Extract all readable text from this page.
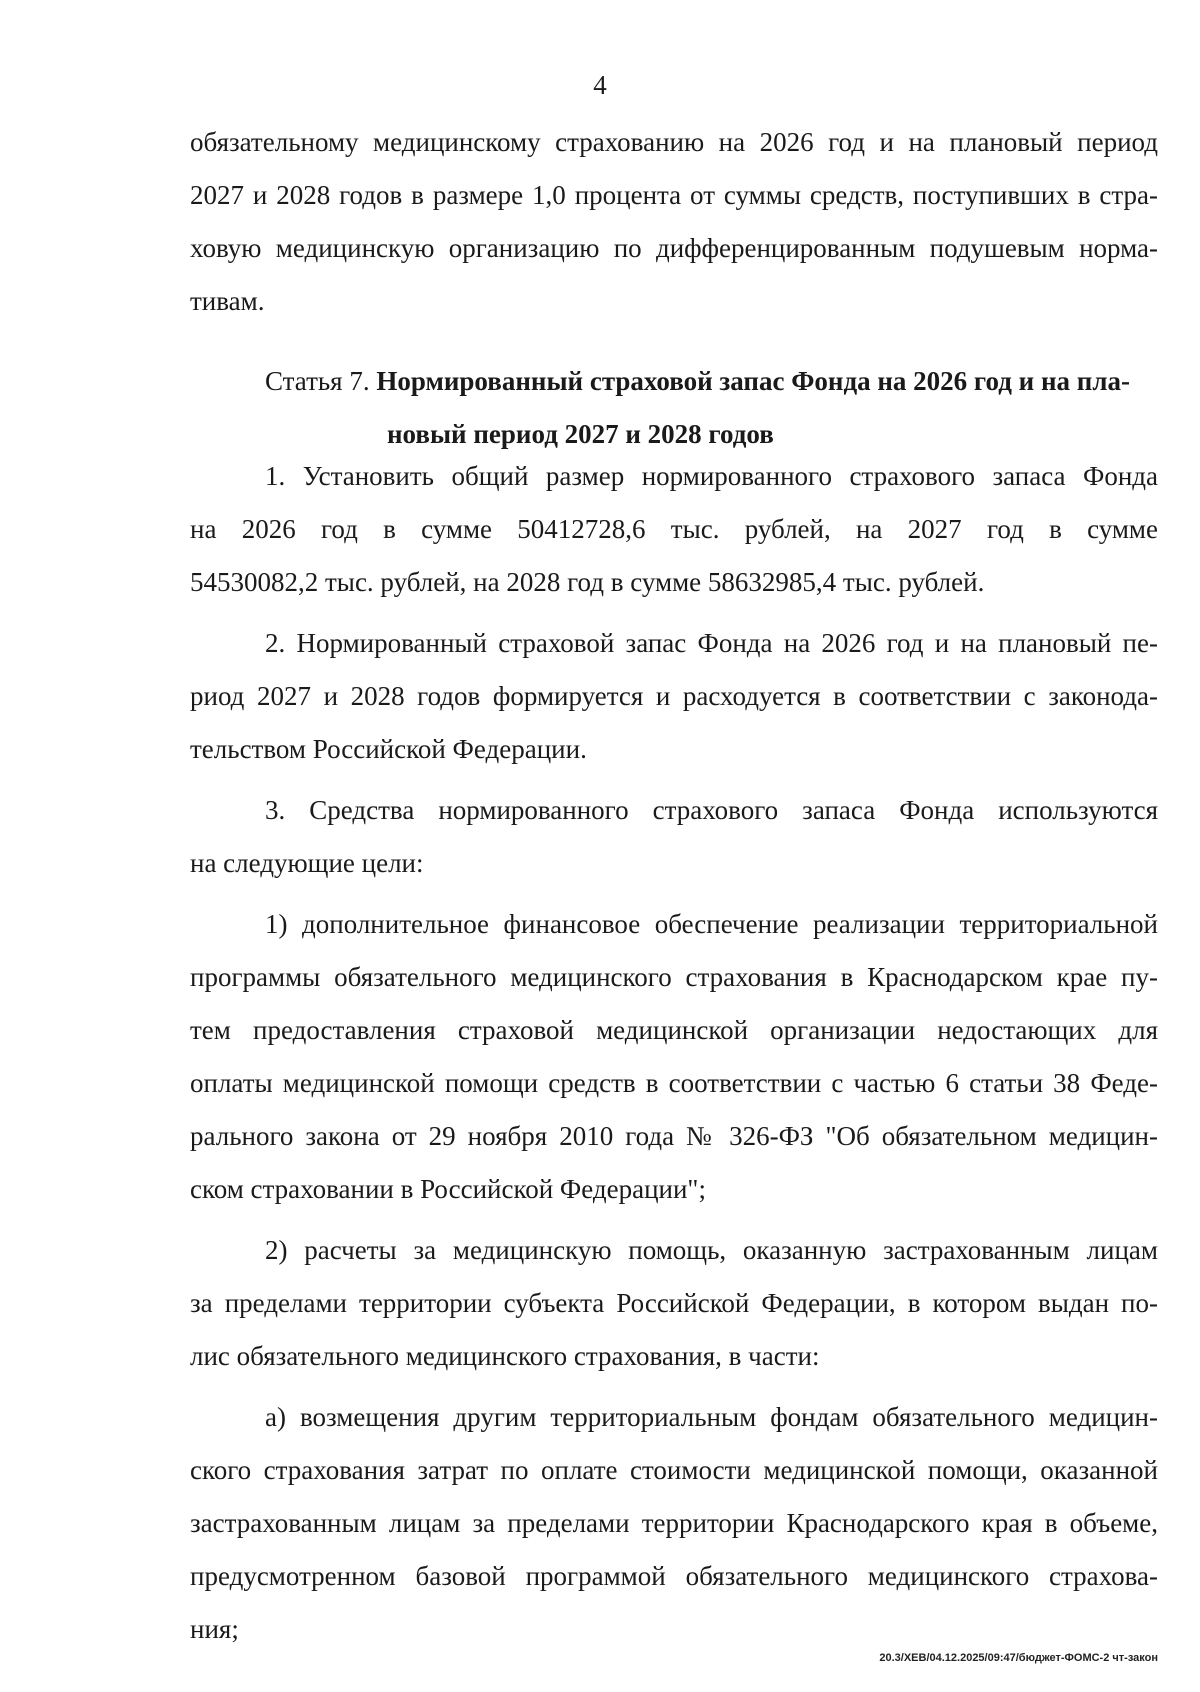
4
обязательному медицинскому страхованию на 2026 год и на плановый период
2027 и 2028 годов в размере 1,0 процента от суммы средств, поступивших в стра-
ховую медицинскую организацию по дифференцированным подушевым норма-
тивам.
Статья 7. Нормированный страховой запас Фонда на 2026 год и на пла-
новый период 2027 и 2028 годов
1. Установить общий размер нормированного страхового запаса Фонда
на 2026 год в сумме 50412728,6 тыс. рублей, на 2027 год в сумме
54530082,2 тыс. рублей, на 2028 год в сумме 58632985,4 тыс. рублей.
2. Нормированный страховой запас Фонда на 2026 год и на плановый пе-
риод 2027 и 2028 годов формируется и расходуется в соответствии с законода-
тельством Российской Федерации.
3. Средства нормированного страхового запаса Фонда используются
на следующие цели:
1) дополнительное финансовое обеспечение реализации территориальной
программы обязательного медицинского страхования в Краснодарском крае пу-
тем предоставления страховой медицинской организации недостающих для
оплаты медицинской помощи средств в соответствии с частью 6 статьи 38 Феде-
рального закона от 29 ноября 2010 года № 326-ФЗ "Об обязательном медицин-
ском страховании в Российской Федерации";
2) расчеты за медицинскую помощь, оказанную застрахованным лицам
за пределами территории субъекта Российской Федерации, в котором выдан по-
лис обязательного медицинского страхования, в части:
а) возмещения другим территориальным фондам обязательного медицин-
ского страхования затрат по оплате стоимости медицинской помощи, оказанной
застрахованным лицам за пределами территории Краснодарского края в объеме,
предусмотренном базовой программой обязательного медицинского страхова-
ния;
20.3/ХЕВ/04.12.2025/09:47/бюджет-ФОМС-2 чт-закон
